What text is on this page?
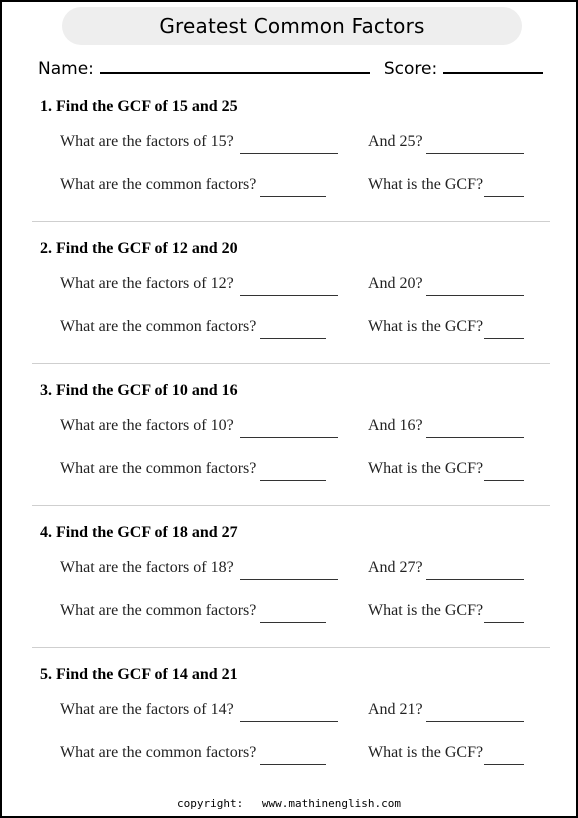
Greatest Common Factors
Name:	Score:
1. Find the GCF of 15 and 25
What are the factors of 15?	And 25?
What are the common factors?	What is the GCF?
2. Find the GCF of 12 and 20
What are the factors of 12?	And 20?
What are the common factors?	What is the GCF?
3. Find the GCF of 10 and 16
What are the factors of 10?	And 16?
What are the common factors?	What is the GCF?
4. Find the GCF of 18 and 27
What are the factors of 18?	And 27?
What are the common factors?	What is the GCF?
5. Find the GCF of 14 and 21
What are the factors of 14?	And 21?
What are the common factors?	What is the GCF?
copyright: www.mathinenglish.com
